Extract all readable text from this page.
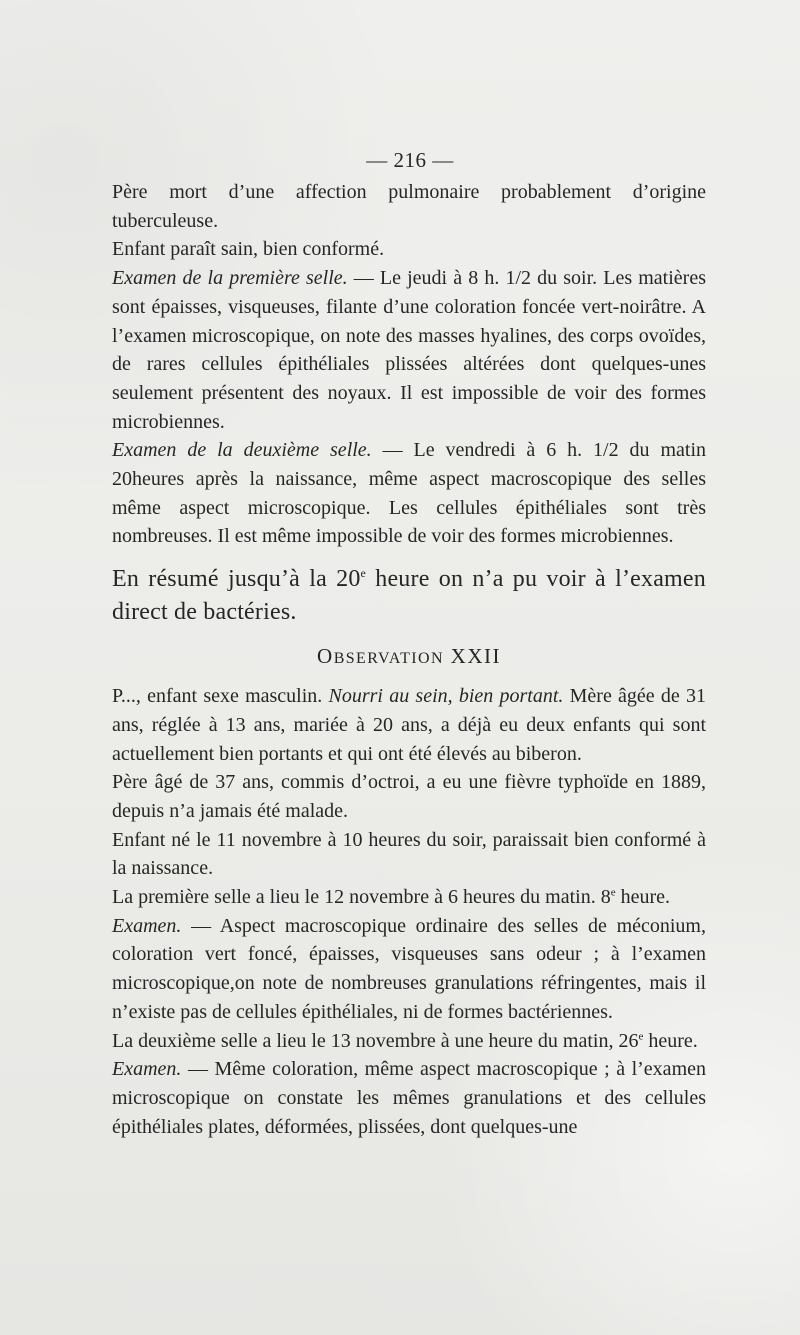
— 216 —

Père mort d’une affection pulmonaire probablement d’origine tuberculeuse.

Enfant paraît sain, bien conformé.

Examen de la première selle. — Le jeudi à 8 h. 1/2 du soir. Les matières sont épaisses, visqueuses, filante d’une coloration foncée vert-noirâtre. A l’examen microscopique, on note des masses hyalines, des corps ovoïdes, de rares cellules épithéliales plissées altérées dont quelques-unes seulement présentent des noyaux. Il est impossible de voir des formes microbiennes.

Examen de la deuxième selle. — Le vendredi à 6 h. 1/2 du matin 20heures après la naissance, même aspect macroscopique des selles même aspect microscopique. Les cellules épithéliales sont très nombreuses. Il est même impossible de voir des formes microbiennes.

En résumé jusqu’à la 20e heure on n’a pu voir à l’examen direct de bactéries.

OBSERVATION XXII

P..., enfant sexe masculin. Nourri au sein, bien portant. Mère âgée de 31 ans, réglée à 13 ans, mariée à 20 ans, a déjà eu deux enfants qui sont actuellement bien portants et qui ont été élevés au biberon.

Père âgé de 37 ans, commis d’octroi, a eu une fièvre typhoïde en 1889, depuis n’a jamais été malade.

Enfant né le 11 novembre à 10 heures du soir, paraissait bien conformé à la naissance.

La première selle a lieu le 12 novembre à 6 heures du matin. 8e heure.

Examen. — Aspect macroscopique ordinaire des selles de méconium, coloration vert foncé, épaisses, visqueuses sans odeur ; à l’examen microscopique,on note de nombreuses granulations réfringentes, mais il n’existe pas de cellules épithéliales, ni de formes bactériennes.

La deuxième selle a lieu le 13 novembre à une heure du matin, 26e heure.

Examen. — Même coloration, même aspect macroscopique ; à l’examen microscopique on constate les mêmes granulations et des cellules épithéliales plates, déformées, plissées, dont quelques-une
